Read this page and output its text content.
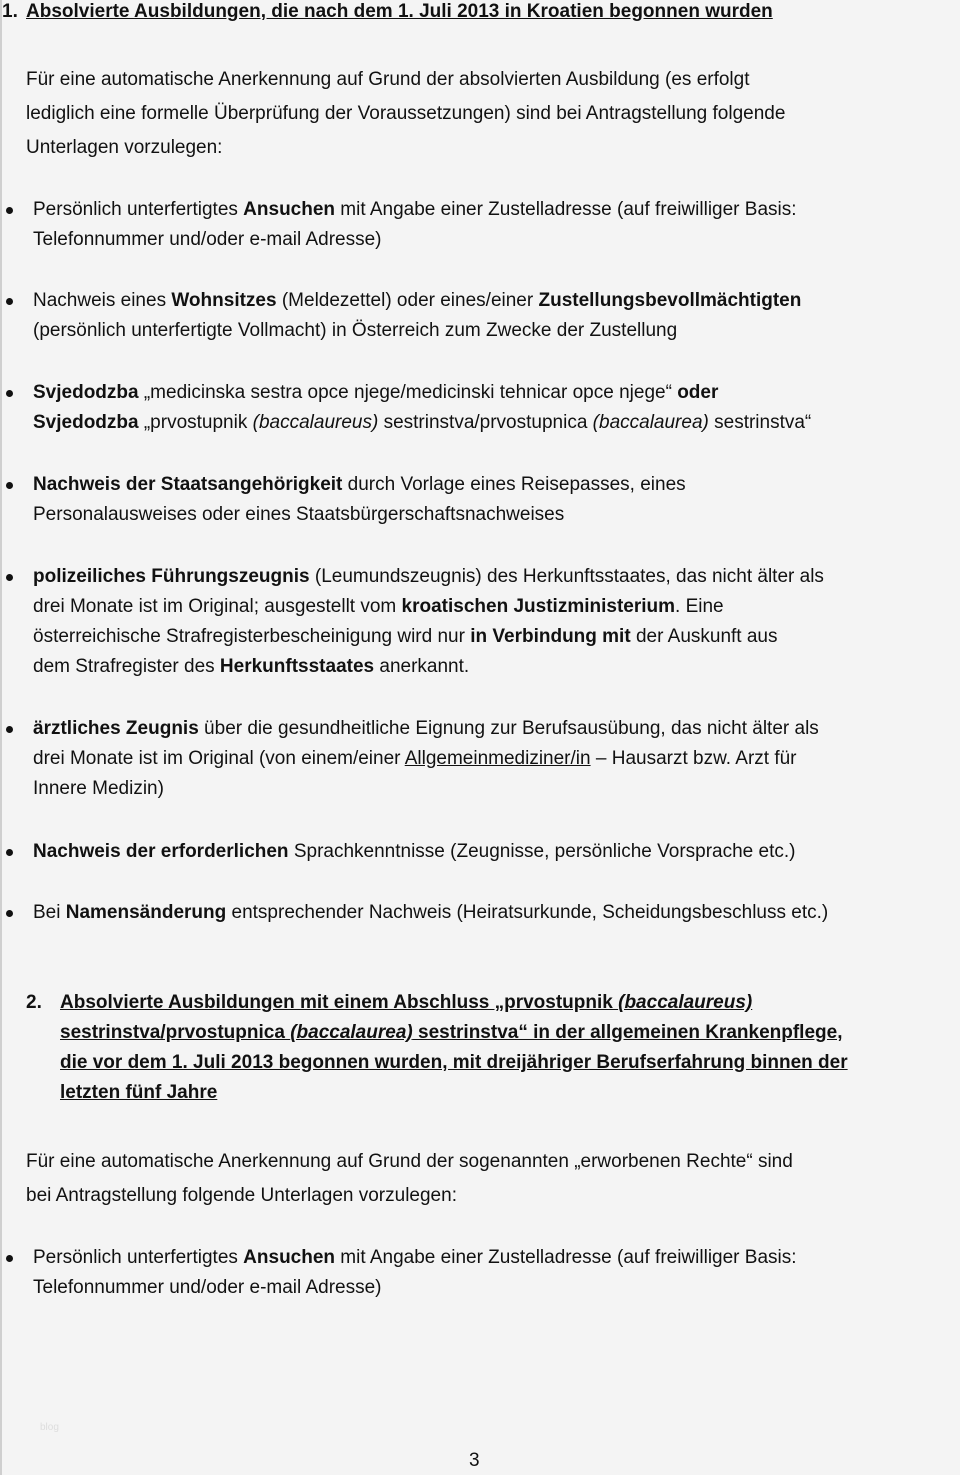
1. Absolvierte Ausbildungen, die nach dem 1. Juli 2013 in Kroatien begonnen wurden
Für eine automatische Anerkennung auf Grund der absolvierten Ausbildung (es erfolgt
lediglich eine formelle Überprüfung der Voraussetzungen) sind bei Antragstellung folgende
Unterlagen vorzulegen:
Persönlich unterfertigtes Ansuchen mit Angabe einer Zustelladresse (auf freiwilliger Basis:
Telefonnummer und/oder e-mail Adresse)
Nachweis eines Wohnsitzes (Meldezettel) oder eines/einer Zustellungsbevollmächtigten
(persönlich unterfertigte Vollmacht) in Österreich zum Zwecke der Zustellung
Svjedodzba „medicinska sestra opce njege/medicinski tehnicar opce njege“ oder
Svjedodzba „prvostupnik (baccalaureus) sestrinstva/prvostupnica (baccalaurea) sestrinstva“
Nachweis der Staatsangehörigkeit durch Vorlage eines Reisepasses, eines
Personalausweises oder eines Staatsbürgerschaftsnachweises
polizeiliches Führungszeugnis (Leumundszeugnis) des Herkunftsstaates, das nicht älter als
drei Monate ist im Original; ausgestellt vom kroatischen Justizministerium. Eine
österreichische Strafregisterbescheinigung wird nur in Verbindung mit der Auskunft aus
dem Strafregister des Herkunftsstaates anerkannt.
ärztliches Zeugnis über die gesundheitliche Eignung zur Berufsausübung, das nicht älter als
drei Monate ist im Original (von einem/einer Allgemeinmediziner/in – Hausarzt bzw. Arzt für
Innere Medizin)
Nachweis der erforderlichen Sprachkenntnisse (Zeugnisse, persönliche Vorsprache etc.)
Bei Namensänderung entsprechender Nachweis (Heiratsurkunde, Scheidungsbeschluss etc.)
2. Absolvierte Ausbildungen mit einem Abschluss „prvostupnik (baccalaureus)
sestrinstva/prvostupnica (baccalaurea) sestrinstva“ in der allgemeinen Krankenpflege,
die vor dem 1. Juli 2013 begonnen wurden, mit dreijähriger Berufserfahrung binnen der
letzten fünf Jahre
Für eine automatische Anerkennung auf Grund der sogenannten „erworbenen Rechte“ sind
bei Antragstellung folgende Unterlagen vorzulegen:
Persönlich unterfertigtes Ansuchen mit Angabe einer Zustelladresse (auf freiwilliger Basis:
Telefonnummer und/oder e-mail Adresse)
blog
3
